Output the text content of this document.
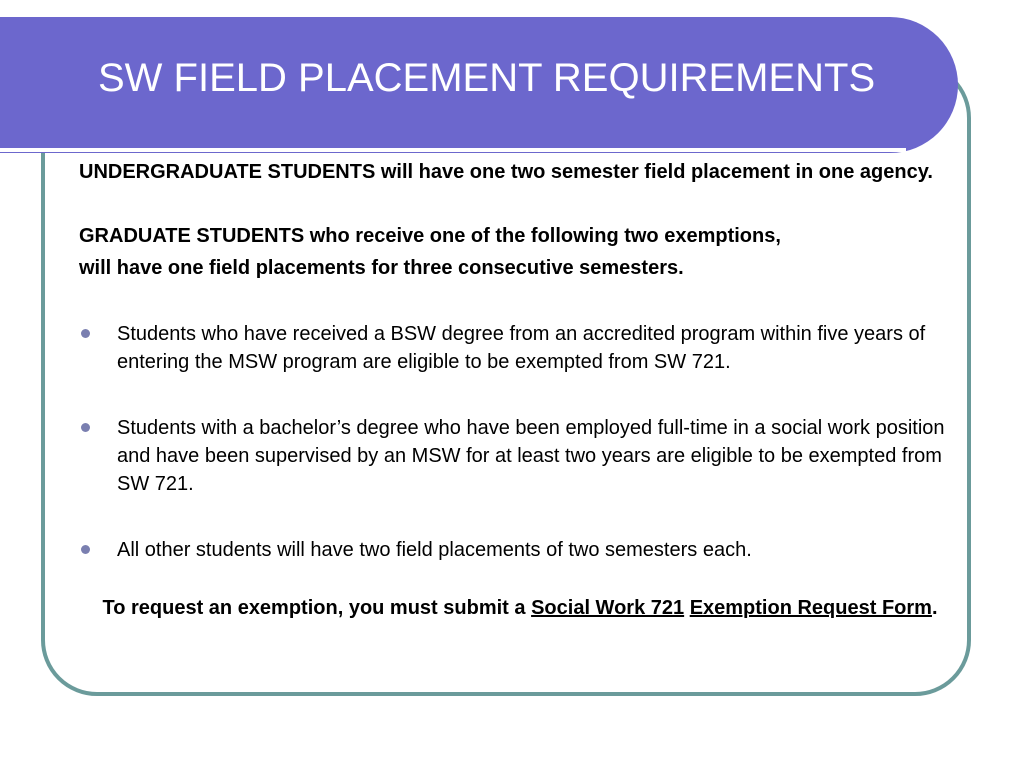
SW FIELD PLACEMENT REQUIREMENTS

UNDERGRADUATE STUDENTS will have one two semester field placement in one agency.

GRADUATE STUDENTS who receive one of the following two exemptions,

will have one field placements for three consecutive semesters.

Students who have received a BSW degree from an accredited program within five years of entering the MSW program are eligible to be exempted from SW 721.
Students with a bachelor’s degree who have been employed full-time in a social work position and have been supervised by an MSW for at least two years are eligible to be exempted from SW 721.
All other students will have two field placements of two semesters each.

To request an exemption, you must submit a Social Work 721 Exemption Request Form.
